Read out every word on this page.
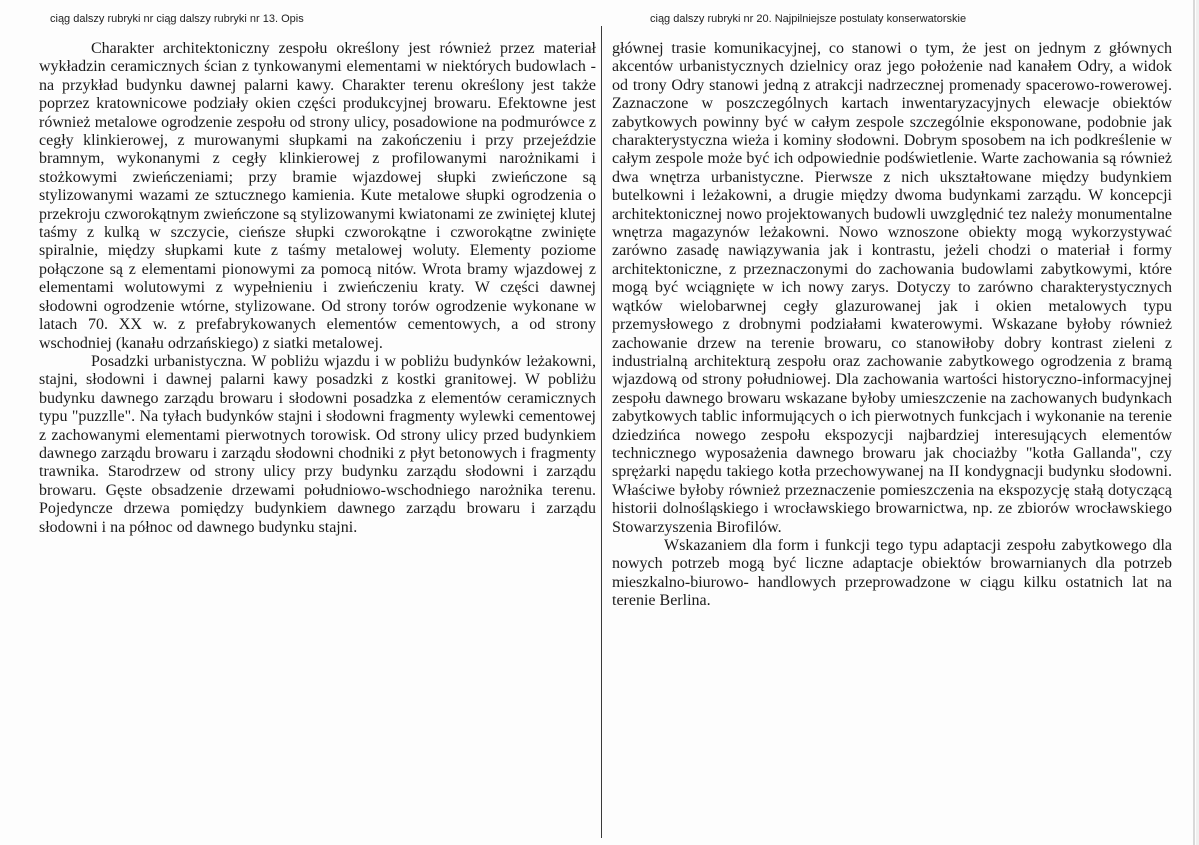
ciąg dalszy rubryki nr ciąg dalszy rubryki nr 13. Opis	ciąg dalszy rubryki nr 20. Najpilniejsze postulaty konserwatorskie

Charakter architektoniczny zespołu określony jest również przez materiał wykładzin ceramicznych ścian z tynkowanymi elementami w niektórych budowlach - na przykład budynku dawnej palarni kawy. Charakter terenu określony jest także poprzez kratownicowe podziały okien części produkcyjnej browaru. Efektowne jest również metalowe ogrodzenie zespołu od strony ulicy, posadowione na podmurówce z cegły klinkierowej, z murowanymi słupkami na zakończeniu i przy przejeździe bramnym, wykonanymi z cegły klinkierowej z profilowanymi narożnikami i stożkowymi zwieńczeniami; przy bramie wjazdowej słupki zwieńczone są stylizowanymi wazami ze sztucznego kamienia. Kute metalowe słupki ogrodzenia o przekroju czworokątnym zwieńczone są stylizowanymi kwiatonami ze zwiniętej klutej taśmy z kulką w szczycie, cieńsze słupki czworokątne i czworokątne zwinięte spiralnie, między słupkami kute z taśmy metalowej woluty. Elementy poziome połączone są z elementami pionowymi za pomocą nitów. Wrota bramy wjazdowej z elementami wolutowymi z wypełnieniu i zwieńczeniu kraty. W części dawnej słodowni ogrodzenie wtórne, stylizowane. Od strony torów ogrodzenie wykonane w latach 70. XX w. z prefabrykowanych elementów cementowych, a od strony wschodniej (kanału odrzańskiego) z siatki metalowej.

Posadzki urbanistyczna. W pobliżu wjazdu i w pobliżu budynków leżakowni, stajni, słodowni i dawnej palarni kawy posadzki z kostki granitowej. W pobliżu budynku dawnego zarządu browaru i słodowni posadzka z elementów ceramicznych typu "puzzlle". Na tyłach budynków stajni i słodowni fragmenty wylewki cementowej z zachowanymi elementami pierwotnych torowisk. Od strony ulicy przed budynkiem dawnego zarządu browaru i zarządu słodowni chodniki z płyt betonowych i fragmenty trawnika. Starodrzew od strony ulicy przy budynku zarządu słodowni i zarządu browaru. Gęste obsadzenie drzewami południowo-wschodniego narożnika terenu. Pojedyncze drzewa pomiędzy budynkiem dawnego zarządu browaru i zarządu słodowni i na północ od dawnego budynku stajni.

głównej trasie komunikacyjnej, co stanowi o tym, że jest on jednym z głównych akcentów urbanistycznych dzielnicy oraz jego położenie nad kanałem Odry, a widok od trony Odry stanowi jedną z atrakcji nadrzecznej promenady spacerowo-rowerowej. Zaznaczone w poszczególnych kartach inwentaryzacyjnych elewacje obiektów zabytkowych powinny być w całym zespole szczególnie eksponowane, podobnie jak charakterystyczna wieża i kominy słodowni. Dobrym sposobem na ich podkreślenie w całym zespole może być ich odpowiednie podświetlenie. Warte zachowania są również dwa wnętrza urbanistyczne. Pierwsze z nich ukształtowane między budynkiem butelkowni i leżakowni, a drugie między dwoma budynkami zarządu. W koncepcji architektonicznej nowo projektowanych budowli uwzględnić tez należy monumentalne wnętrza magazynów leżakowni. Nowo wznoszone obiekty mogą wykorzystywać zarówno zasadę nawiązywania jak i kontrastu, jeżeli chodzi o materiał i formy architektoniczne, z przeznaczonymi do zachowania budowlami zabytkowymi, które mogą być wciągnięte w ich nowy zarys. Dotyczy to zarówno charakterystycznych wątków wielobarwnej cegły glazurowanej jak i okien metalowych typu przemysłowego z drobnymi podziałami kwaterowymi. Wskazane byłoby również zachowanie drzew na terenie browaru, co stanowiłoby dobry kontrast zieleni z industrialną architekturą zespołu oraz zachowanie zabytkowego ogrodzenia z bramą wjazdową od strony południowej. Dla zachowania wartości historyczno-informacyjnej zespołu dawnego browaru wskazane byłoby umieszczenie na zachowanych budynkach zabytkowych tablic informujących o ich pierwotnych funkcjach i wykonanie na terenie dziedzińca nowego zespołu ekspozycji najbardziej interesujących elementów technicznego wyposażenia dawnego browaru jak chociażby "kotła Gallanda", czy sprężarki napędu takiego kotła przechowywanej na II kondygnacji budynku słodowni. Właściwe byłoby również przeznaczenie pomieszczenia na ekspozycję stałą dotyczącą historii dolnośląskiego i wrocławskiego browarnictwa, np. ze zbiorów wrocławskiego Stowarzyszenia Birofilów.

Wskazaniem dla form i funkcji tego typu adaptacji zespołu zabytkowego dla nowych potrzeb mogą być liczne adaptacje obiektów browarnianych dla potrzeb mieszkalno-biurowo- handlowych przeprowadzone w ciągu kilku ostatnich lat na terenie Berlina.
